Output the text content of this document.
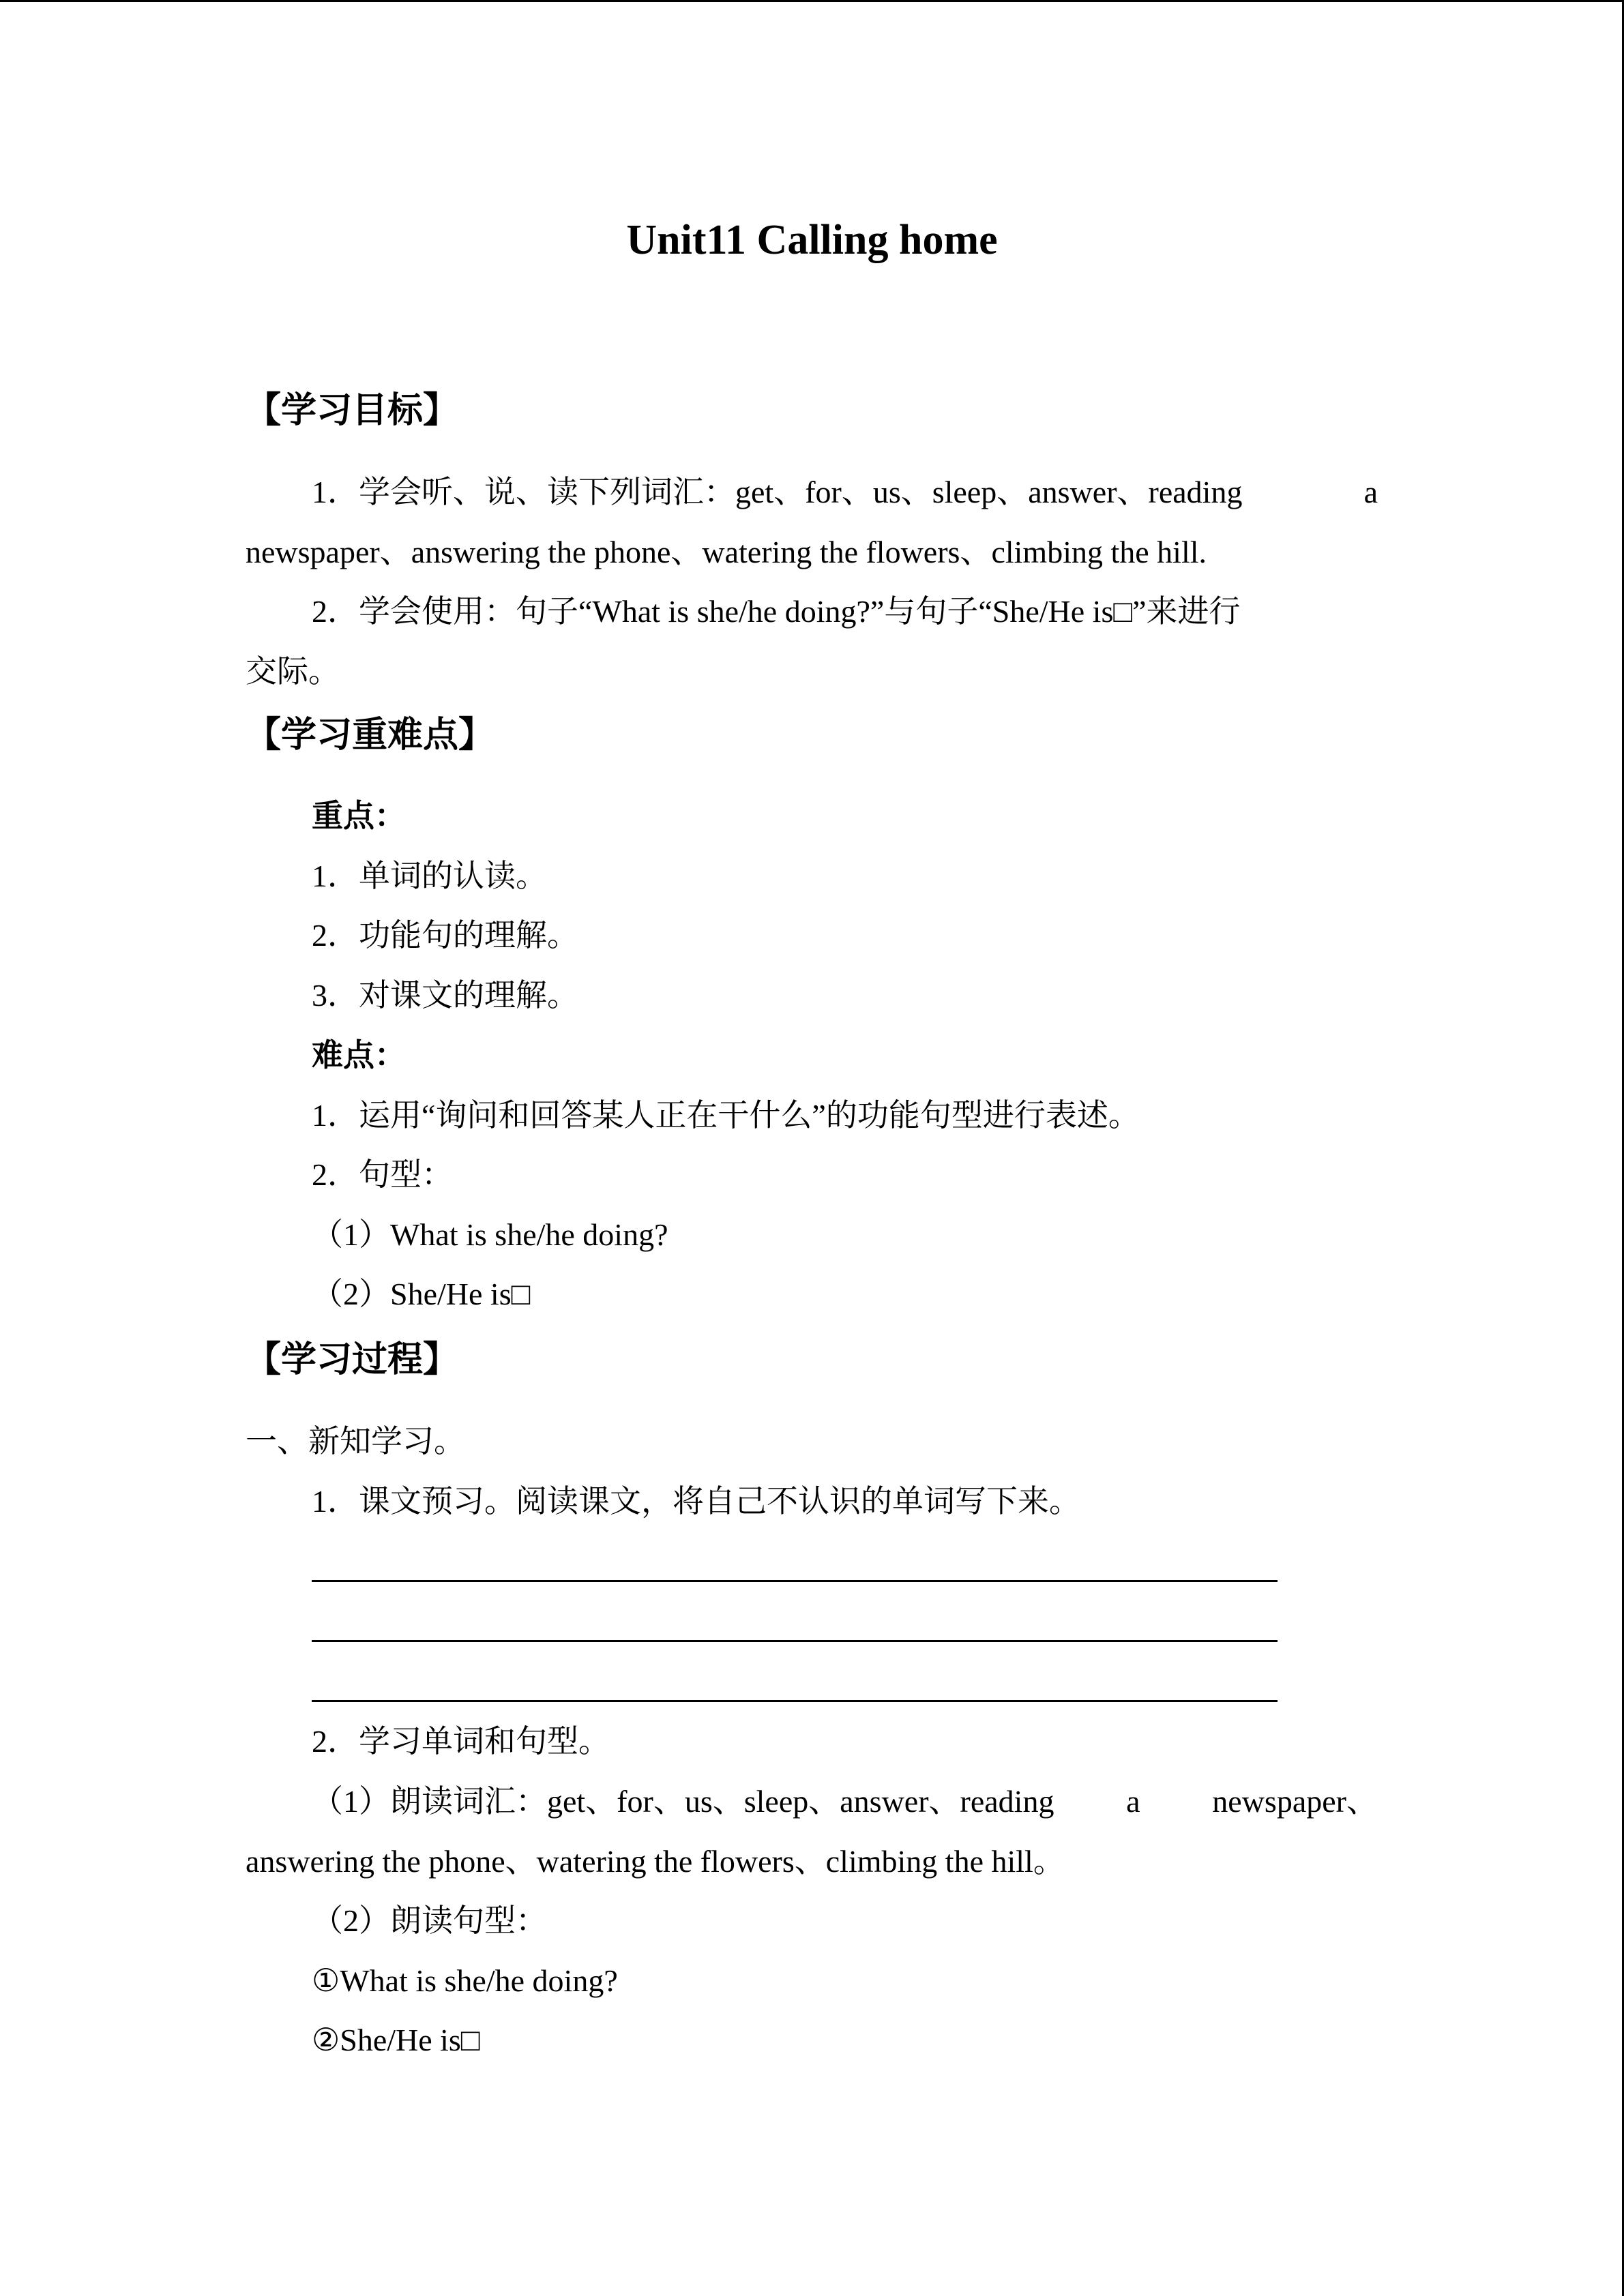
Unit11 Calling home
【学习目标】
1．学会听、说、读下列词汇：get、for、us、sleep、answer、reading	a
newspaper、answering the phone、watering the flowers、climbing the hill.
2．学会使用：句子“What is she/he doing?”与句子“She/He is□”来进行
交际。
【学习重难点】
重点：
1．单词的认读。
2．功能句的理解。
3．对课文的理解。
难点：
1．运用“询问和回答某人正在干什么”的功能句型进行表述。
2．句型：
（1）What is she/he doing?
（2）She/He is□
【学习过程】
一、新知学习。
1．课文预习。阅读课文，将自己不认识的单词写下来。
2．学习单词和句型。
（1）朗读词汇：get、for、us、sleep、answer、reading a newspaper、
answering the phone、watering the flowers、climbing the hill。
（2）朗读句型：
①What is she/he doing?
②She/He is□
